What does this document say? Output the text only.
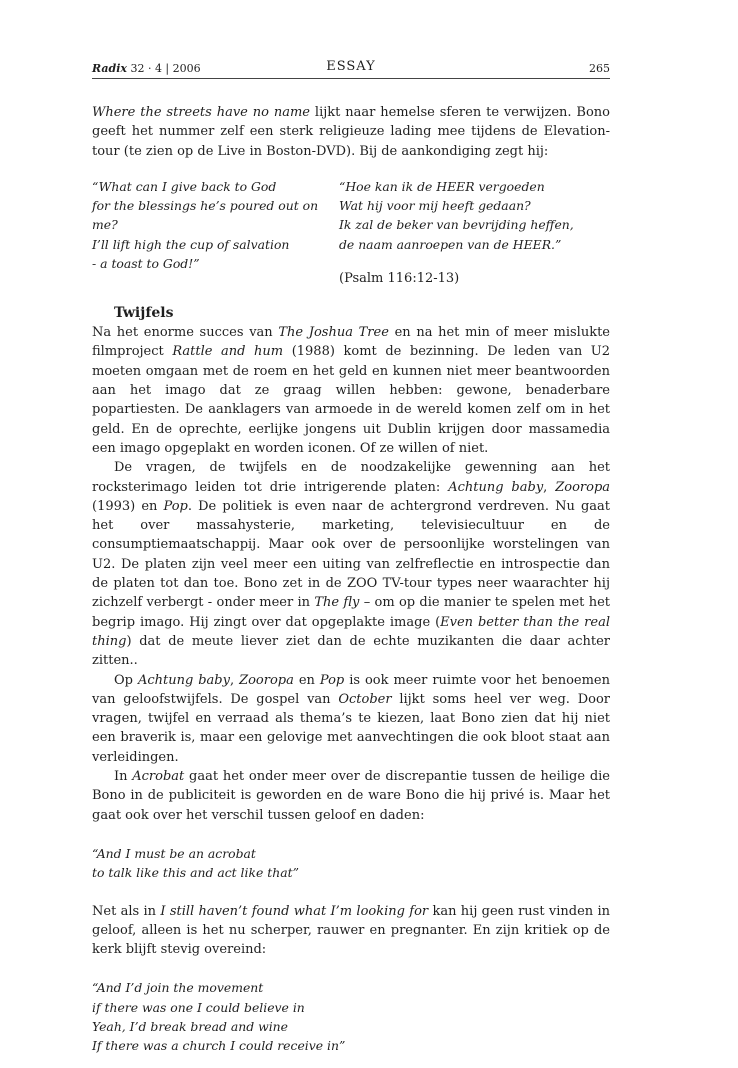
Radix 32 · 4 | 2006	ESSAY	265

Where the streets have no name lijkt naar hemelse sferen te verwijzen. Bono geeft het nummer zelf een sterk religieuze lading mee tijdens de Elevation-tour (te zien op de Live in Boston-DVD). Bij de aankondiging zegt hij:

“What can I give back to God
for the blessings he’s poured out on me?
I’ll lift high the cup of salvation
- a toast to God!”
“Hoe kan ik de HEER vergoeden
Wat hij voor mij heeft gedaan?
Ik zal de beker van bevrijding heffen,
de naam aanroepen van de HEER.”
(Psalm 116:12-13)
Twijfels

Na het enorme succes van The Joshua Tree en na het min of meer mislukte filmproject Rattle and hum (1988) komt de bezinning. De leden van U2 moeten omgaan met de roem en het geld en kunnen niet meer beantwoorden aan het imago dat ze graag willen hebben: gewone, benaderbare popartiesten. De aanklagers van armoede in de wereld komen zelf om in het geld. En de oprechte, eerlijke jongens uit Dublin krijgen door massamedia een imago opgeplakt en worden iconen. Of ze willen of niet.

De vragen, de twijfels en de noodzakelijke gewenning aan het rocksterimago leiden tot drie intrigerende platen: Achtung baby, Zooropa (1993) en Pop. De politiek is even naar de achtergrond verdreven. Nu gaat het over massahysterie, marketing, televisiecultuur en de consumptiemaatschappij. Maar ook over de persoonlijke worstelingen van U2. De platen zijn veel meer een uiting van zelfreflectie en introspectie dan de platen tot dan toe. Bono zet in de ZOO TV-tour types neer waarachter hij zichzelf verbergt - onder meer in The fly – om op die manier te spelen met het begrip imago. Hij zingt over dat opgeplakte image (Even better than the real thing) dat de meute liever ziet dan de echte muzikanten die daar achter zitten..

Op Achtung baby, Zooropa en Pop is ook meer ruimte voor het benoemen van geloofstwijfels. De gospel van October lijkt soms heel ver weg. Door vragen, twijfel en verraad als thema’s te kiezen, laat Bono zien dat hij niet een braverik is, maar een gelovige met aanvechtingen die ook bloot staat aan verleidingen.

In Acrobat gaat het onder meer over de discrepantie tussen de heilige die Bono in de publiciteit is geworden en de ware Bono die hij privé is. Maar het gaat ook over het verschil tussen geloof en daden:

“And I must be an acrobat
to talk like this and act like that”

Net als in I still haven’t found what I’m looking for kan hij geen rust vinden in geloof, alleen is het nu scherper, rauwer en pregnanter. En zijn kritiek op de kerk blijft stevig overeind:

“And I’d join the movement
if there was one I could believe in
Yeah, I’d break bread and wine
If there was a church I could receive in”
